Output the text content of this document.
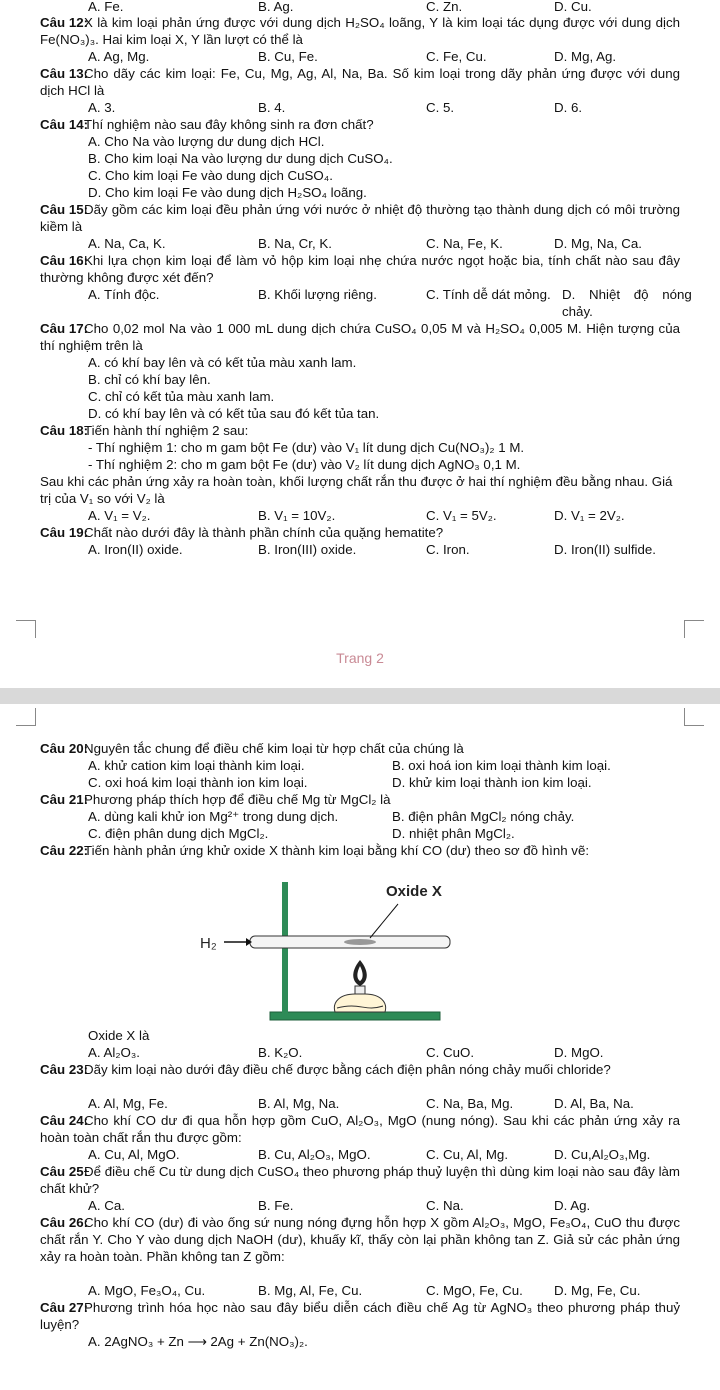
A. Fe.	B. Ag.	C. Zn.	D. Cu.
Câu 12:
X là kim loại phản ứng được với dung dịch H₂SO₄ loãng, Y là kim loại tác dụng được với dung dịch Fe(NO₃)₃. Hai kim loại X, Y lần lượt có thể là
A. Ag, Mg.	B. Cu, Fe.	C. Fe, Cu.	D. Mg, Ag.
Câu 13:
Cho dãy các kim loại: Fe, Cu, Mg, Ag, Al, Na, Ba. Số kim loại trong dãy phản ứng được với dung dịch HCl là
A. 3.	B. 4.	C. 5.	D. 6.
Câu 14:
Thí nghiệm nào sau đây không sinh ra đơn chất?
A. Cho Na vào lượng dư dung dịch HCl.
B. Cho kim loại Na vào lượng dư dung dịch CuSO₄.
C. Cho kim loại Fe vào dung dịch CuSO₄.
D. Cho kim loại Fe vào dung dịch H₂SO₄ loãng.
Câu 15:
Dãy gồm các kim loại đều phản ứng với nước ở nhiệt độ thường tạo thành dung dịch có môi trường kiềm là
A. Na, Ca, K.	B. Na, Cr, K.	C. Na, Fe, K.	D. Mg, Na, Ca.
Câu 16:
Khi lựa chọn kim loại để làm vỏ hộp kim loại nhẹ chứa nước ngọt hoặc bia, tính chất nào sau đây thường không được xét đến?
A. Tính độc.	B. Khối lượng riêng.	C. Tính dễ dát mỏng. D. Nhiệt độ nóng chảy.
Câu 17:
Cho 0,02 mol Na vào 1 000 mL dung dịch chứa CuSO₄ 0,05 M và H₂SO₄ 0,005 M. Hiện tượng của thí nghiệm trên là
A. có khí bay lên và có kết tủa màu xanh lam.
B. chỉ có khí bay lên.
C. chỉ có kết tủa màu xanh lam.
D. có khí bay lên và có kết tủa sau đó kết tủa tan.
Câu 18:
Tiến hành thí nghiệm 2 sau:
- Thí nghiệm 1: cho m gam bột Fe (dư) vào V₁ lít dung dịch Cu(NO₃)₂ 1 M.
- Thí nghiệm 2: cho m gam bột Fe (dư) vào V₂ lít dung dịch AgNO₃ 0,1 M.
Sau khi các phản ứng xảy ra hoàn toàn, khối lượng chất rắn thu được ở hai thí nghiệm đều bằng nhau. Giá trị của V₁ so với V₂ là
A. V₁ = V₂.	B. V₁ = 10V₂.	C. V₁ = 5V₂.	D. V₁ = 2V₂.
Câu 19:
Chất nào dưới đây là thành phần chính của quặng hematite?
A. Iron(II) oxide.	B. Iron(III) oxide.	C. Iron.	D. Iron(II) sulfide.
Trang 2
Câu 20:
Nguyên tắc chung để điều chế kim loại từ hợp chất của chúng là
A. khử cation kim loại thành kim loại.	B. oxi hoá ion kim loại thành kim loại.
C. oxi hoá kim loại thành ion kim loại.	D. khử kim loại thành ion kim loại.
Câu 21:
Phương pháp thích hợp để điều chế Mg từ MgCl₂ là
A. dùng kali khử ion Mg²⁺ trong dung dịch.	B. điện phân MgCl₂ nóng chảy.
C. điện phân dung dịch MgCl₂.	D. nhiệt phân MgCl₂.
Câu 22:
Tiến hành phản ứng khử oxide X thành kim loại bằng khí CO (dư) theo sơ đồ hình vẽ:
Oxide X là
A. Al₂O₃.	B. K₂O.	C. CuO.	D. MgO.
Câu 23:
Dãy kim loại nào dưới đây điều chế được bằng cách điện phân nóng chảy muối chloride?
A. Al, Mg, Fe.	B. Al, Mg, Na.	C. Na, Ba, Mg.	D. Al, Ba, Na.
Câu 24:
Cho khí CO dư đi qua hỗn hợp gồm CuO, Al₂O₃, MgO (nung nóng). Sau khi các phản ứng xảy ra hoàn toàn chất rắn thu được gồm:
A. Cu, Al, MgO.	B. Cu, Al₂O₃, MgO.	C. Cu, Al, Mg.	D. Cu,Al₂O₃,Mg.
Câu 25:
Để điều chế Cu từ dung dịch CuSO₄ theo phương pháp thuỷ luyện thì dùng kim loại nào sau đây làm chất khử?
A. Ca.	B. Fe.	C. Na.	D. Ag.
Câu 26:
Cho khí CO (dư) đi vào ống sứ nung nóng đựng hỗn hợp X gồm Al₂O₃, MgO, Fe₃O₄, CuO thu được chất rắn Y. Cho Y vào dung dịch NaOH (dư), khuấy kĩ, thấy còn lại phần không tan Z. Giả sử các phản ứng xảy ra hoàn toàn. Phần không tan Z gồm:
A. MgO, Fe₃O₄, Cu.	B. Mg, Al, Fe, Cu.	C. MgO, Fe, Cu. D. Mg, Fe, Cu.
Câu 27:
Phương trình hóa học nào sau đây biểu diễn cách điều chế Ag từ AgNO₃ theo phương pháp thuỷ luyện?
A. 2AgNO₃ + Zn ⟶ 2Ag + Zn(NO₃)₂.
Oxide X
H₂
